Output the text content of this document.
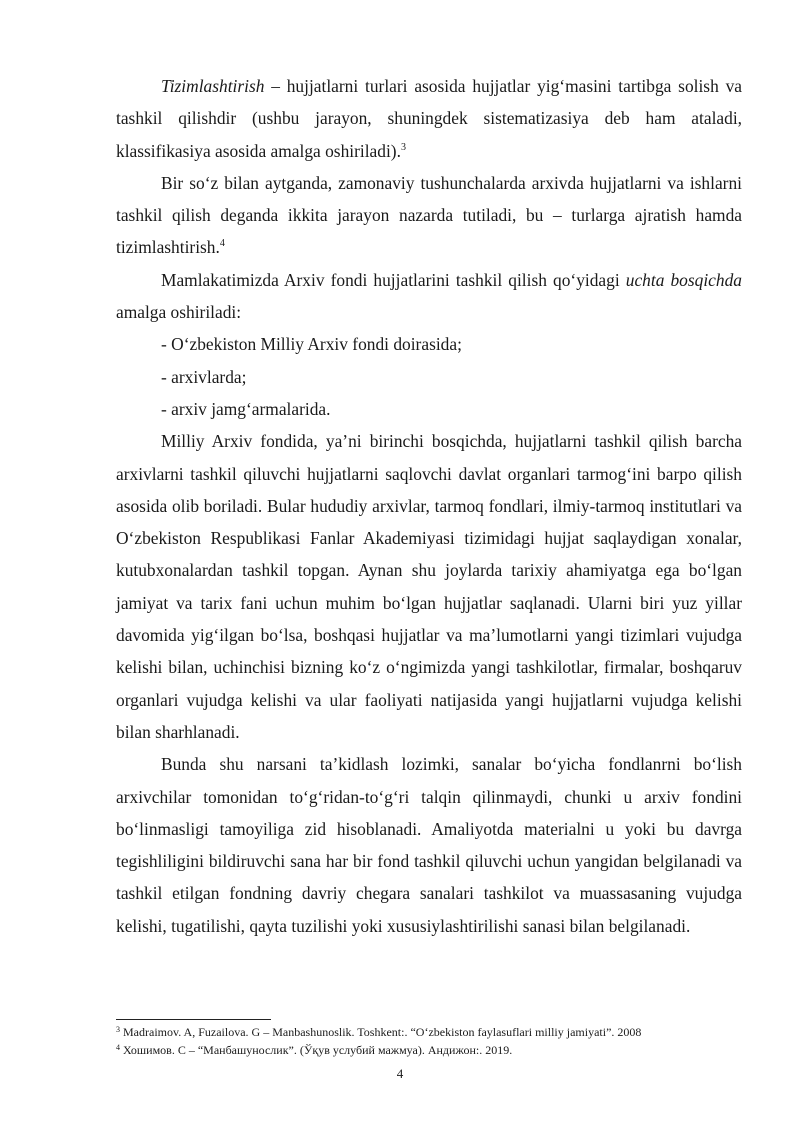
Tizimlashtirish – hujjatlarni turlari asosida hujjatlar yig‘masini tartibga solish va tashkil qilishdir (ushbu jarayon, shuningdek sistematizasiya deb ham ataladi, klassifikasiya asosida amalga oshiriladi).$^3$

Bir so‘z bilan aytganda, zamonaviy tushunchalarda arxivda hujjatlarni va ishlarni tashkil qilish deganda ikkita jarayon nazarda tutiladi, bu – turlarga ajratish hamda tizimlashtirish.$^4$

Mamlakatimizda Arxiv fondi hujjatlarini tashkil qilish qo‘yidagi uchta bosqichda amalga oshiriladi:

- O‘zbekiston Milliy Arxiv fondi doirasida;

- arxivlarda;

- arxiv jamg‘armalarida.

Milliy Arxiv fondida, ya’ni birinchi bosqichda, hujjatlarni tashkil qilish barcha arxivlarni tashkil qiluvchi hujjatlarni saqlovchi davlat organlari tarmog‘ini barpo qilish asosida olib boriladi. Bular hududiy arxivlar, tarmoq fondlari, ilmiy-tarmoq institutlari va O‘zbekiston Respublikasi Fanlar Akademiyasi tizimidagi hujjat saqlaydigan xonalar, kutubxonalardan tashkil topgan. Aynan shu joylarda tarixiy ahamiyatga ega bo‘lgan jamiyat va tarix fani uchun muhim bo‘lgan hujjatlar saqlanadi. Ularni biri yuz yillar davomida yig‘ilgan bo‘lsa, boshqasi hujjatlar va ma’lumotlarni yangi tizimlari vujudga kelishi bilan, uchinchisi bizning ko‘z o‘ngimizda yangi tashkilotlar, firmalar, boshqaruv organlari vujudga kelishi va ular faoliyati natijasida yangi hujjatlarni vujudga kelishi bilan sharhlanadi.

Bunda shu narsani ta’kidlash lozimki, sanalar bo‘yicha fondlanrni bo‘lish arxivchilar tomonidan to‘g‘ridan-to‘g‘ri talqin qilinmaydi, chunki u arxiv fondini bo‘linmasligi tamoyiliga zid hisoblanadi. Amaliyotda materialni u yoki bu davrga tegishliligini bildiruvchi sana har bir fond tashkil qiluvchi uchun yangidan belgilanadi va tashkil etilgan fondning davriy chegara sanalari tashkilot va muassasaning vujudga kelishi, tugatilishi, qayta tuzilishi yoki xususiylashtirilishi sanasi bilan belgilanadi.

$^3$ Madraimov. A, Fuzailova. G – Manbashunoslik. Toshkent:. “O‘zbekiston faylasuflari milliy jamiyati”. 2008
$^4$ Хошимов. С – “Манбашунослик”. (Ўқув услубий мажмуа). Андижон:. 2019.
4
